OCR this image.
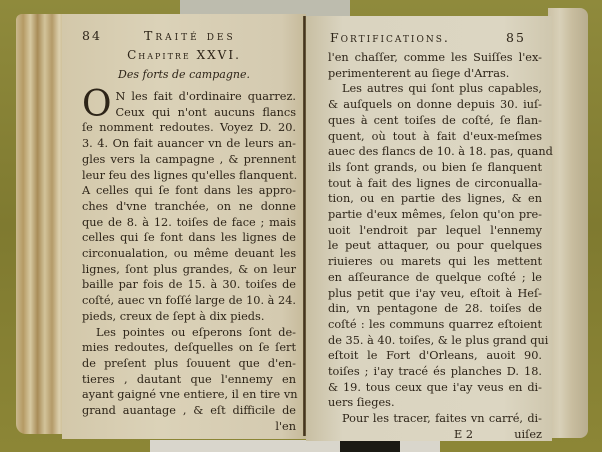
84	Traité des
Chapitre XXVI.
Des forts de campagne.
O N les fait d'ordinaire quarrez.
Ceux qui n'ont aucuns flancs
ſe nomment redoutes. Voyez D. 20.
3. 4. On fait auancer vn de leurs an-
gles vers la campagne , & prennent
leur feu des lignes qu'elles flanquent.
A celles qui ſe font dans les appro-
ches d'vne tranchée, on ne donne
que de 8. à 12. toiſes de face ; mais
celles qui ſe font dans les lignes de
circonualation, ou même deuant les
lignes, ſont plus grandes, & on leur
baille par fois de 15. à 30. toiſes de
coſté, auec vn foſſé large de 10. à 24.
pieds, creux de ſept à dix pieds.
Les pointes ou eſperons ſont de-
mies redoutes, deſquelles on ſe ſert
de preſent plus ſouuent que d'en-
tieres , dautant que l'ennemy en
ayant gaigné vne entiere, il en tire vn
grand auantage , & eſt difficile de
l'en
Fortifications.	85
l'en chaſſer, comme les Suiſſes l'ex-
perimenterent au ſiege d'Arras.
Les autres qui ſont plus capables,
& auſquels on donne depuis 30. iuſ-
ques à cent toiſes de coſté, ſe flan-
quent, où tout à fait d'eux-meſmes
auec des flancs de 10. à 18. pas, quand
ils ſont grands, ou bien ſe flanquent
tout à fait des lignes de circonualla-
tion, ou en partie des lignes, & en
partie d'eux mêmes, ſelon qu'on pre-
uoit l'endroit par lequel l'ennemy
le peut attaquer, ou pour quelques
riuieres ou marets qui les mettent
en aſſeurance de quelque coſté ; le
plus petit que i'ay veu, eſtoit à Heſ-
din, vn pentagone de 28. toiſes de
coſté : les communs quarrez eſtoient
de 35. à 40. toiſes, & le plus grand qui
eſtoit le Fort d'Orleans, auoit 90.
toiſes ; i'ay tracé és planches D. 18.
& 19. tous ceux que i'ay veus en di-
uers ſieges.
Pour les tracer, faites vn carré, di-
E 2	uiſez
